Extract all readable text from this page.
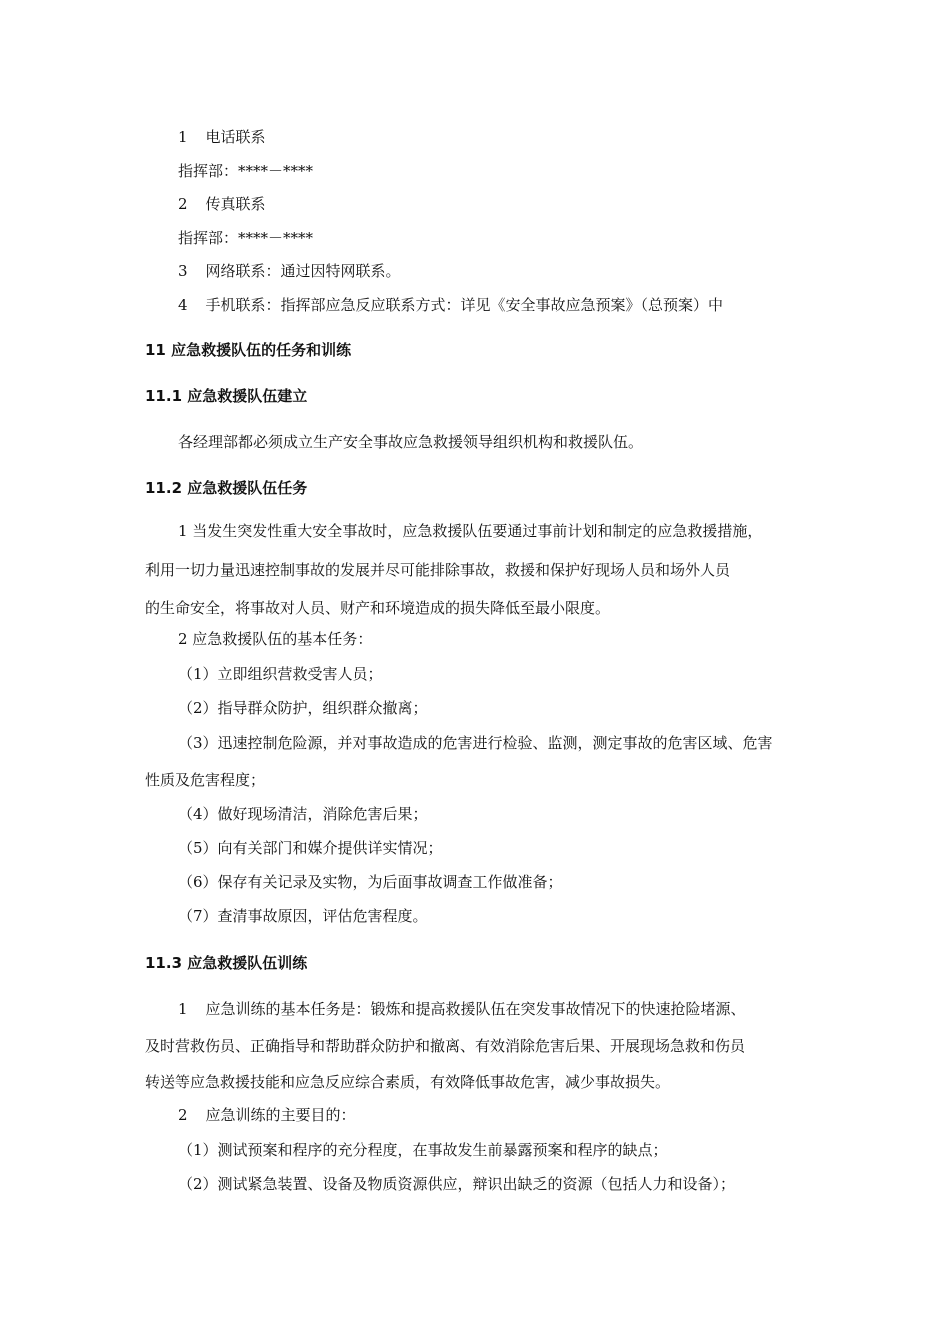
1 电话联系
指挥部：****－****
2 传真联系
指挥部：****－****
3 网络联系：通过因特网联系。
4 手机联系：指挥部应急反应联系方式：详见《安全事故应急预案》（总预案）中
11 应急救援队伍的任务和训练
11.1 应急救援队伍建立
各经理部都必须成立生产安全事故应急救援领导组织机构和救援队伍。
11.2 应急救援队伍任务
1 当发生突发性重大安全事故时，应急救援队伍要通过事前计划和制定的应急救援措施，
利用一切力量迅速控制事故的发展并尽可能排除事故，救援和保护好现场人员和场外人员
的生命安全，将事故对人员、财产和环境造成的损失降低至最小限度。
2 应急救援队伍的基本任务：
（1）立即组织营救受害人员；
（2）指导群众防护，组织群众撤离；
（3）迅速控制危险源，并对事故造成的危害进行检验、监测，测定事故的危害区域、危害
性质及危害程度；
（4）做好现场清洁，消除危害后果；
（5）向有关部门和媒介提供详实情况；
（6）保存有关记录及实物，为后面事故调查工作做准备；
（7）查清事故原因，评估危害程度。
11.3 应急救援队伍训练
1 应急训练的基本任务是：锻炼和提高救援队伍在突发事故情况下的快速抢险堵源、
及时营救伤员、正确指导和帮助群众防护和撤离、有效消除危害后果、开展现场急救和伤员
转送等应急救援技能和应急反应综合素质，有效降低事故危害，减少事故损失。
2 应急训练的主要目的：
（1）测试预案和程序的充分程度，在事故发生前暴露预案和程序的缺点；
（2）测试紧急装置、设备及物质资源供应，辩识出缺乏的资源（包括人力和设备）；
